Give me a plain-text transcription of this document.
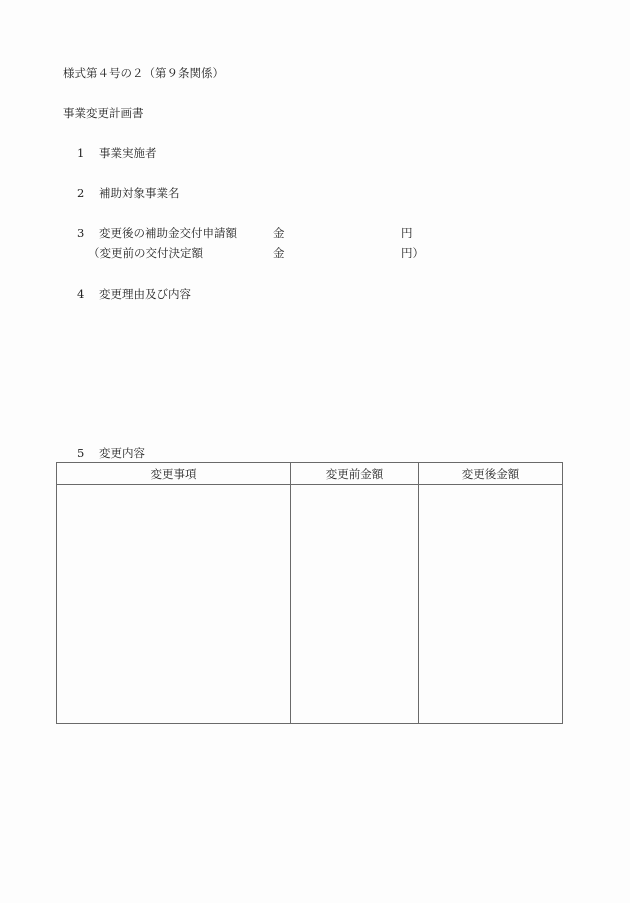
様式第４号の２（第９条関係）
事業変更計画書
1 事業実施者
2 補助対象事業名
3 変更後の補助金交付申請額	金	円
（変更前の交付決定額	金	円）
4 変更理由及び内容
5 変更内容
変更事項	変更前金額	変更後金額
